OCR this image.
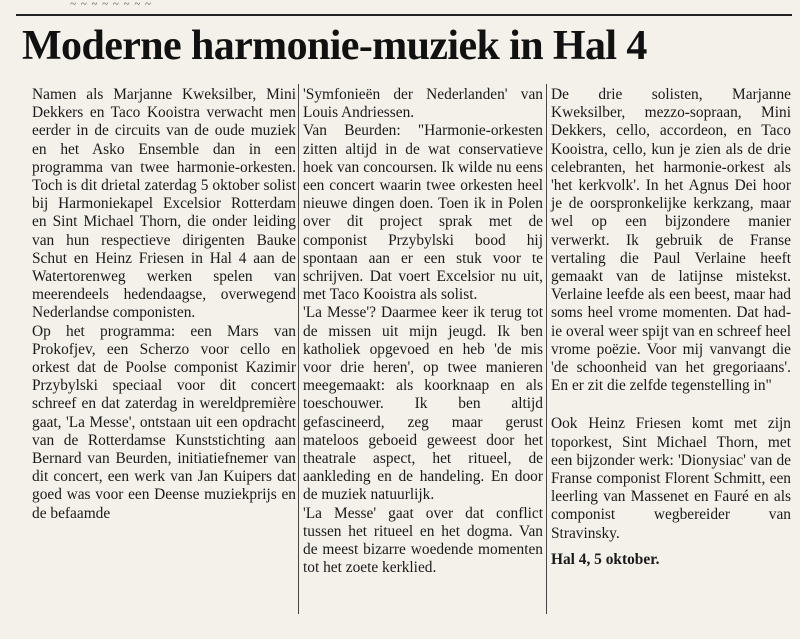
~ ~ ~ ~ ~ ~ ~ ~
Moderne harmonie-muziek in Hal 4

Namen als Marjanne Kweksilber, Mini Dekkers en Taco Kooistra verwacht men eerder in de circuits van de oude muziek en het Asko Ensemble dan in een programma van twee harmonie-orkesten. Toch is dit drietal zaterdag 5 oktober solist bij Harmoniekapel Excelsior Rotterdam en Sint Michael Thorn, die onder leiding van hun respectieve dirigenten Bauke Schut en Heinz Friesen in Hal 4 aan de Watertorenweg werken spelen van meerendeels hedendaagse, overwegend Nederlandse componisten.

Op het programma: een Mars van Prokofjev, een Scherzo voor cello en orkest dat de Poolse componist Kazimir Przybylski speciaal voor dit concert schreef en dat zaterdag in wereldpremière gaat, 'La Messe', ontstaan uit een opdracht van de Rotterdamse Kunststichting aan Bernard van Beurden, initiatiefnemer van dit concert, een werk van Jan Kuipers dat goed was voor een Deense muziekprijs en de befaamde

'Symfonieën der Nederlanden' van Louis Andriessen.

Van Beurden: "Harmonie-orkesten zitten altijd in de wat conservatieve hoek van concoursen. Ik wilde nu eens een concert waarin twee orkesten heel nieuwe dingen doen. Toen ik in Polen over dit project sprak met de componist Przybylski bood hij spontaan aan er een stuk voor te schrijven. Dat voert Excelsior nu uit, met Taco Kooistra als solist.

'La Messe'? Daarmee keer ik terug tot de missen uit mijn jeugd. Ik ben katholiek opgevoed en heb 'de mis voor drie heren', op twee manieren meegemaakt: als koorknaap en als toeschouwer. Ik ben altijd gefascineerd, zeg maar gerust mateloos geboeid geweest door het theatrale aspect, het ritueel, de aankleding en de handeling. En door de muziek natuurlijk.

'La Messe' gaat over dat conflict tussen het ritueel en het dogma. Van de meest bizarre woedende momenten tot het zoete kerklied.

De drie solisten, Marjanne Kweksilber, mezzo-sopraan, Mini Dekkers, cello, accordeon, en Taco Kooistra, cello, kun je zien als de drie celebranten, het harmonie-orkest als 'het kerkvolk'. In het Agnus Dei hoor je de oorspronkelijke kerkzang, maar wel op een bijzondere manier verwerkt. Ik gebruik de Franse vertaling die Paul Verlaine heeft gemaakt van de latijnse mistekst. Verlaine leefde als een beest, maar had soms heel vrome momenten. Dat had-ie overal weer spijt van en schreef heel vrome poëzie. Voor mij vanvangt die 'de schoonheid van het gregoriaans'. En er zit die zelfde tegenstelling in"

Ook Heinz Friesen komt met zijn toporkest, Sint Michael Thorn, met een bijzonder werk: 'Dionysiac' van de Franse componist Florent Schmitt, een leerling van Massenet en Fauré en als componist wegbereider van Stravinsky.

Hal 4, 5 oktober.
